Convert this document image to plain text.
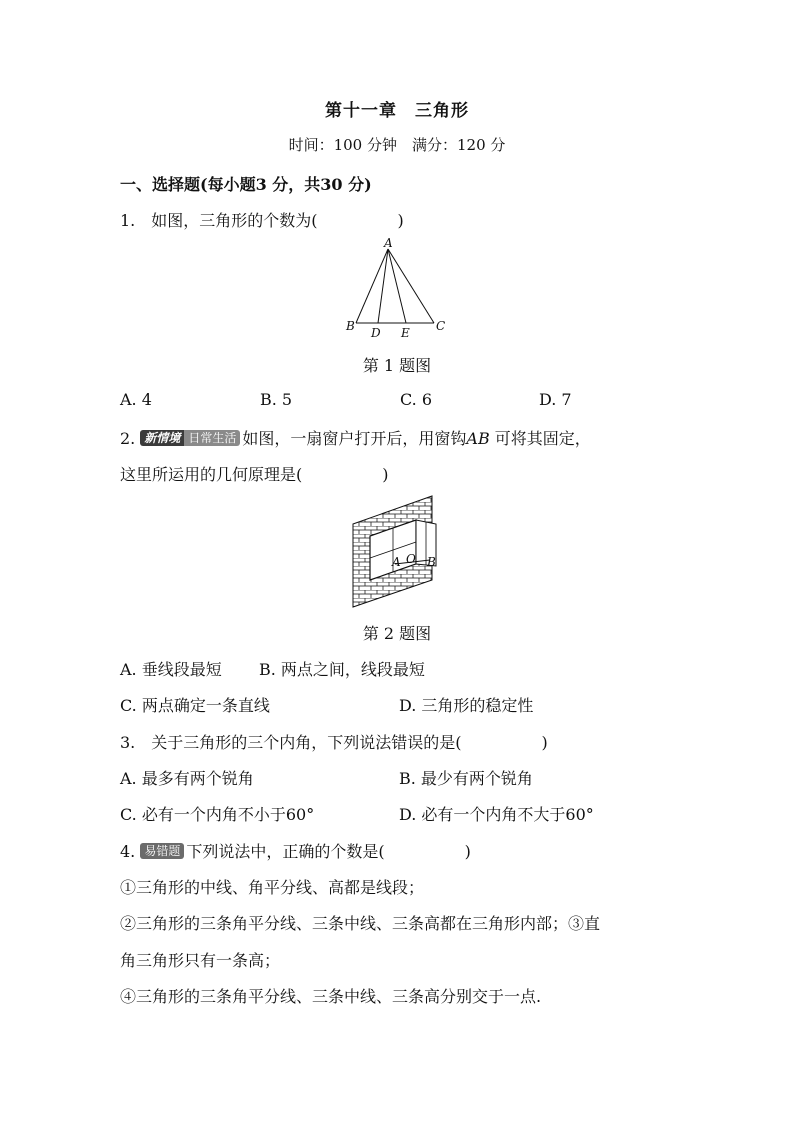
第十一章　三角形
时间：100 分钟　满分：120 分
一、选择题(每小题3 分，共30 分)
1.　如图，三角形的个数为(　　　　　)
A
B D E C
第 1 题图
A. 4	B. 5	C. 6	D. 7
2. 新情境 日常生活 如图，一扇窗户打开后，用窗钩AB 可将其固定，
这里所运用的几何原理是(　　　　　)
A O B
第 2 题图
A. 垂线段最短 B. 两点之间，线段最短
C. 两点确定一条直线	D. 三角形的稳定性
3.　关于三角形的三个内角，下列说法错误的是(　　　　　)
A. 最多有两个锐角	B. 最少有两个锐角
C. 必有一个内角不小于60°	D. 必有一个内角不大于60°
4. 易错题 下列说法中，正确的个数是(　　　　　)
①三角形的中线、角平分线、高都是线段；
②三角形的三条角平分线、三条中线、三条高都在三角形内部；③直
角三角形只有一条高；
④三角形的三条角平分线、三条中线、三条高分别交于一点.
